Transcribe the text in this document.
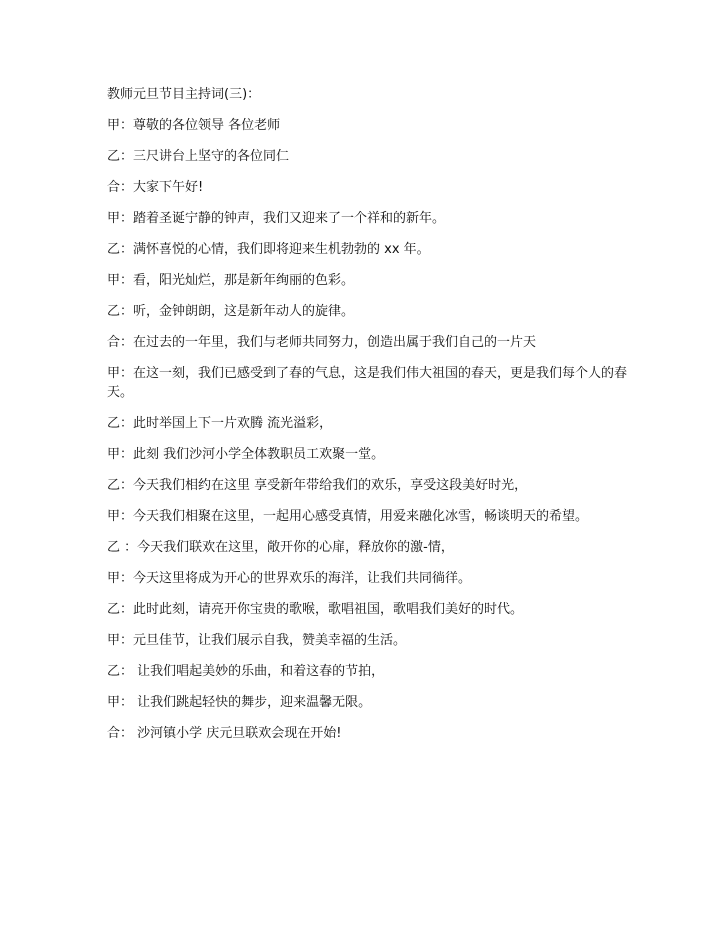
教师元旦节目主持词(三)：

甲：尊敬的各位领导 各位老师

乙：三尺讲台上坚守的各位同仁

合：大家下午好!

甲：踏着圣诞宁静的钟声，我们又迎来了一个祥和的新年。

乙：满怀喜悦的心情，我们即将迎来生机勃勃的 xx 年。

甲：看，阳光灿烂，那是新年绚丽的色彩。

乙：听，金钟朗朗，这是新年动人的旋律。

合：在过去的一年里，我们与老师共同努力，创造出属于我们自己的一片天

甲：在这一刻，我们已感受到了春的气息，这是我们伟大祖国的春天，更是我们每个人的春天。

乙：此时举国上下一片欢腾 流光溢彩，

甲：此刻 我们沙河小学全体教职员工欢聚一堂。

乙：今天我们相约在这里 享受新年带给我们的欢乐，享受这段美好时光，

甲：今天我们相聚在这里，一起用心感受真情，用爱来融化冰雪，畅谈明天的希望。

乙 ：今天我们联欢在这里，敞开你的心扉，释放你的激-情，

甲：今天这里将成为开心的世界欢乐的海洋，让我们共同徜徉。

乙：此时此刻，请亮开你宝贵的歌喉，歌唱祖国，歌唱我们美好的时代。

甲：元旦佳节，让我们展示自我，赞美幸福的生活。

乙： 让我们唱起美妙的乐曲，和着这春的节拍，

甲： 让我们跳起轻快的舞步，迎来温馨无限。

合： 沙河镇小学 庆元旦联欢会现在开始!
